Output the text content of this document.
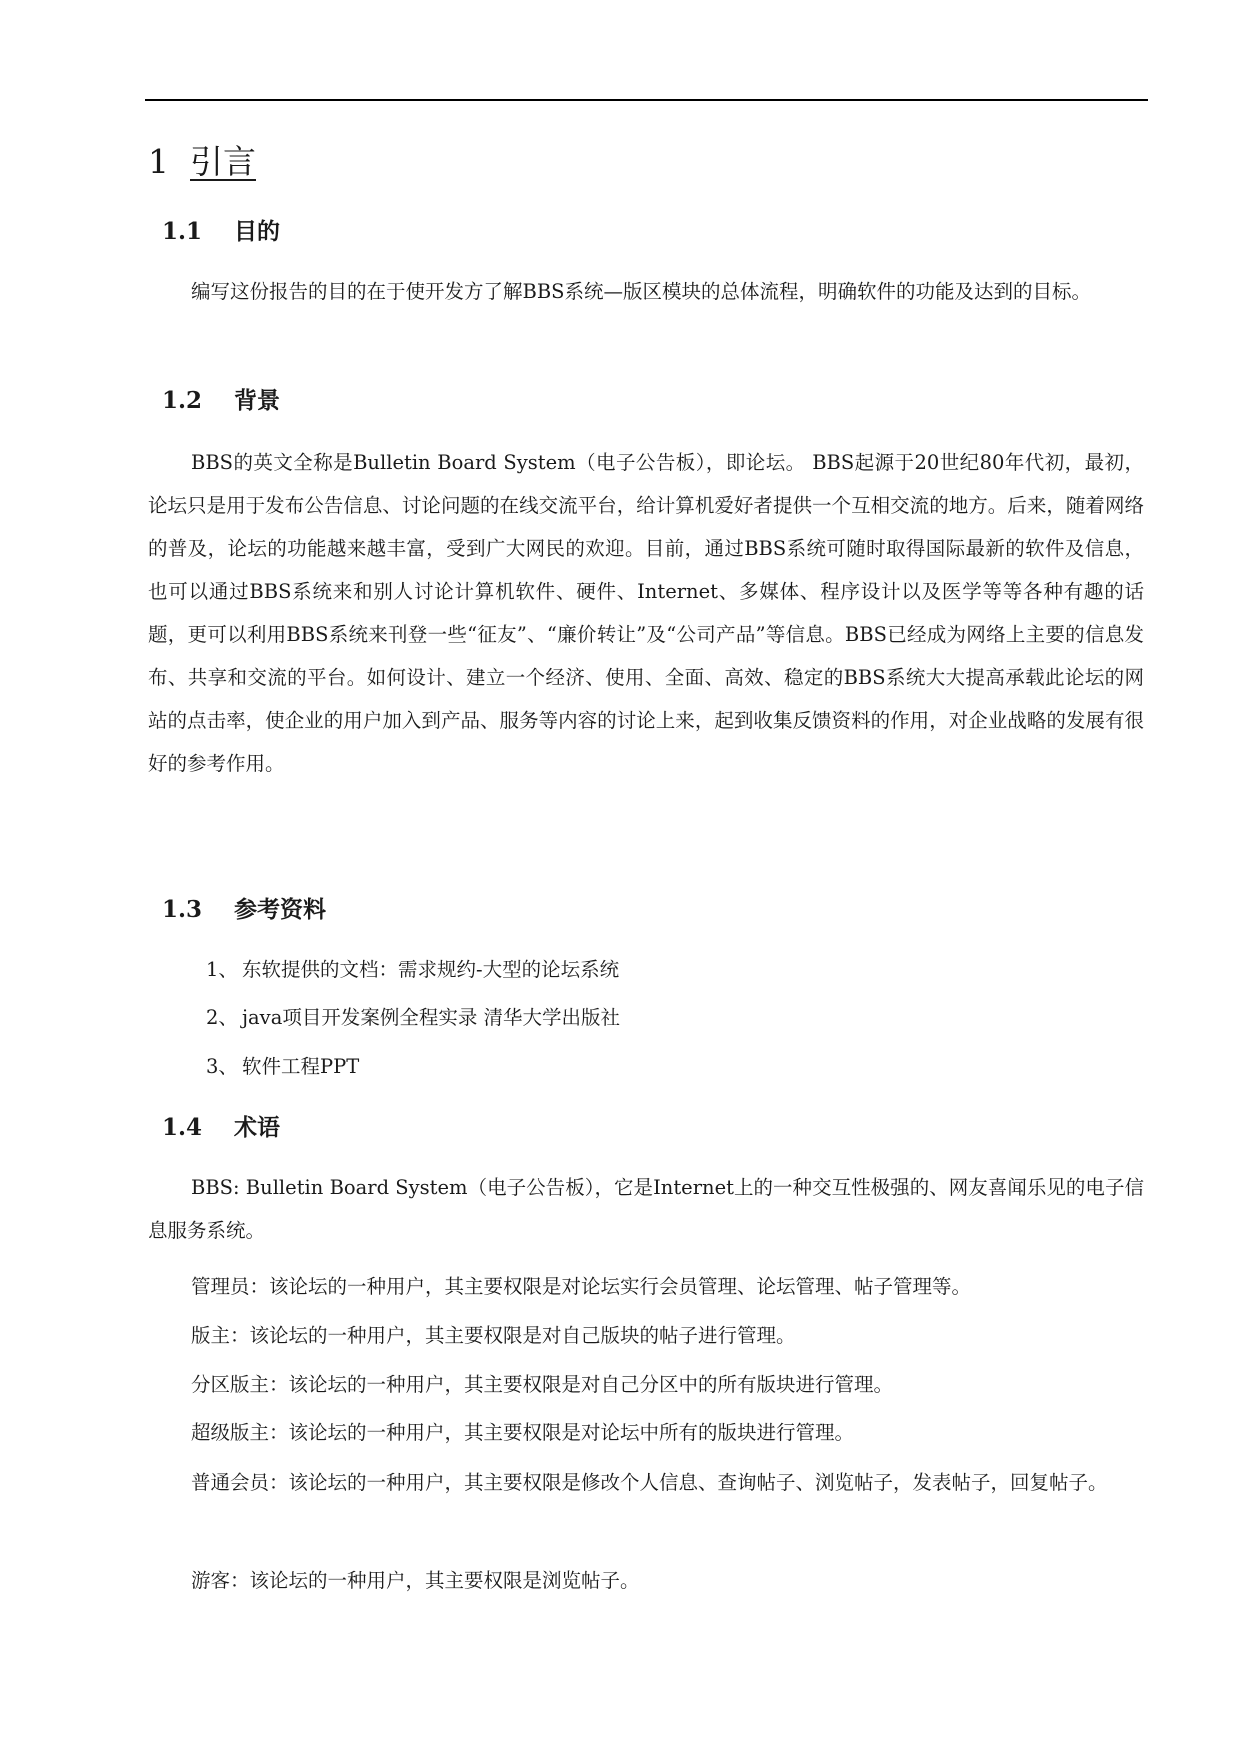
1 引言
1.1 目的
编写这份报告的目的在于使开发方了解BBS系统—版区模块的总体流程，明确软件的功能及达到的目标。
1.2 背景
BBS的英文全称是Bulletin Board System（电子公告板），即论坛。 BBS起源于20世纪80年代初，最初，论坛只是用于发布公告信息、讨论问题的在线交流平台，给计算机爱好者提供一个互相交流的地方。后来，随着网络的普及，论坛的功能越来越丰富，受到广大网民的欢迎。目前，通过BBS系统可随时取得国际最新的软件及信息，也可以通过BBS系统来和别人讨论计算机软件、硬件、Internet、多媒体、程序设计以及医学等等各种有趣的话题，更可以利用BBS系统来刊登一些“征友”、“廉价转让”及“公司产品”等信息。BBS已经成为网络上主要的信息发布、共享和交流的平台。如何设计、建立一个经济、使用、全面、高效、稳定的BBS系统大大提高承载此论坛的网站的点击率，使企业的用户加入到产品、服务等内容的讨论上来，起到收集反馈资料的作用，对企业战略的发展有很好的参考作用。
1.3 参考资料
1、 东软提供的文档：需求规约-大型的论坛系统
2、 java项目开发案例全程实录 清华大学出版社
3、 软件工程PPT
1.4 术语
BBS: Bulletin Board System（电子公告板），它是Internet上的一种交互性极强的、网友喜闻乐见的电子信息服务系统。
管理员：该论坛的一种用户，其主要权限是对论坛实行会员管理、论坛管理、帖子管理等。
版主：该论坛的一种用户，其主要权限是对自己版块的帖子进行管理。
分区版主：该论坛的一种用户，其主要权限是对自己分区中的所有版块进行管理。
超级版主：该论坛的一种用户，其主要权限是对论坛中所有的版块进行管理。
普通会员：该论坛的一种用户，其主要权限是修改个人信息、查询帖子、浏览帖子，发表帖子，回复帖子。
游客：该论坛的一种用户，其主要权限是浏览帖子。
